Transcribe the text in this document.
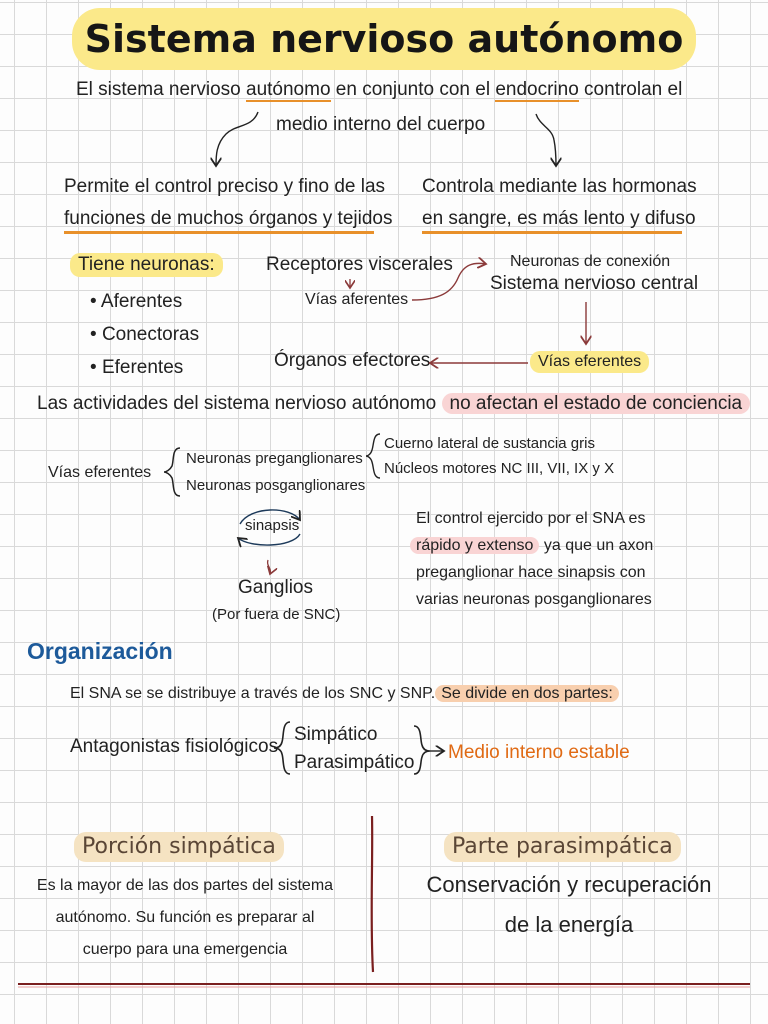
Sistema nervioso autónomo
El sistema nervioso autónomo en conjunto con el endocrino controlan el
medio interno del cuerpo
Permite el control preciso y fino de las
funciones de muchos órganos y tejidos
Controla mediante las hormonas
en sangre, es más lento y difuso
Tiene neuronas:
• Aferentes
• Conectoras
• Eferentes
Receptores viscerales
Vías aferentes
Neuronas de conexión
Sistema nervioso central
Vías eferentes
Órganos efectores
Las actividades del sistema nervioso autónomo no afectan el estado de conciencia
Vías eferentes
Neuronas preganglionares
Neuronas posganglionares
Cuerno lateral de sustancia gris
Núcleos motores NC III, VII, IX y X
sinapsis
Ganglios
(Por fuera de SNC)
El control ejercido por el SNA es
rápido y extenso ya que un axon
preganglionar hace sinapsis con
varias neuronas posganglionares
Organización
El SNA se se distribuye a través de los SNC y SNP. Se divide en dos partes:
Antagonistas fisiológicos
Simpático
Parasimpático Medio interno estable
Porción simpática
Es la mayor de las dos partes del sistema
autónomo. Su función es preparar al
cuerpo para una emergencia
Parte parasimpática
Conservación y recuperación
de la energía
